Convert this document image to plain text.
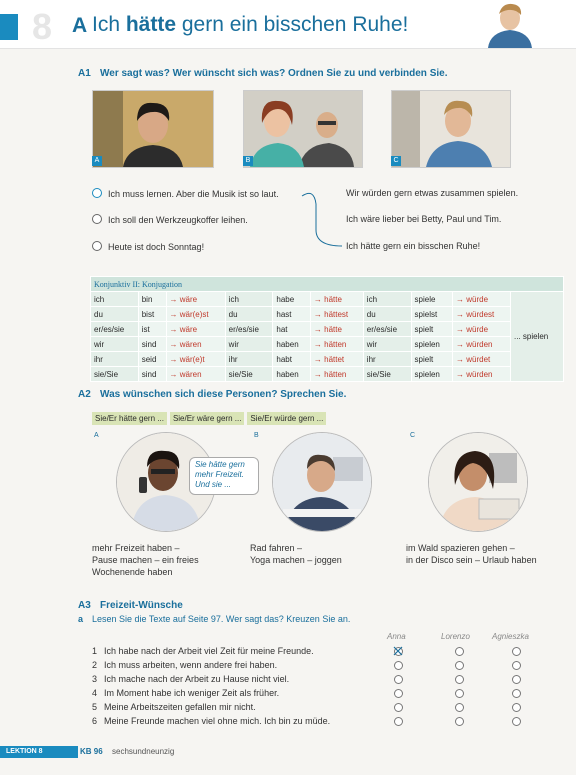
8 A Ich hätte gern ein bisschen Ruhe!
A1 Wer sagt was? Wer wünscht sich was? Ordnen Sie zu und verbinden Sie.
A	B	C
Ich muss lernen. Aber die Musik ist so laut.
Ich soll den Werkzeugkoffer leihen.
Heute ist doch Sonntag!
Wir würden gern etwas zusammen spielen.
Ich wäre lieber bei Betty, Paul und Tim.
Ich hätte gern ein bisschen Ruhe!
Konjunktiv II: Konjugation									
ich	bin	→ wäre	ich	habe	→ hätte	ich	spiele	→ würde	... spielen
du	bist	→ wär(e)st	du	hast	→ hättest	du	spielst	→ würdest	
er/es/sie	ist	→ wäre	er/es/sie	hat	→ hätte	er/es/sie	spielt	→ würde	
wir	sind	→ wären	wir	haben	→ hätten	wir	spielen	→ würden	
ihr	seid	→ wär(e)t	ihr	habt	→ hättet	ihr	spielt	→ würdet	
sie/Sie	sind	→ wären	sie/Sie	haben	→ hätten	sie/Sie	spielen	→ würden	
A2 Was wünschen sich diese Personen? Sprechen Sie.
Sie/Er hätte gern ... Sie/Er wäre gern ... Sie/Er würde gern ...
A	B	C
Sie hätte gern
mehr Freizeit.
Und sie ...
mehr Freizeit haben –
Pause machen – ein freies
Wochenende haben
Rad fahren –
Yoga machen – joggen
im Wald spazieren gehen –
in der Disco sein – Urlaub haben
A3 Freizeit-Wünsche
a Lesen Sie die Texte auf Seite 97. Wer sagt das? Kreuzen Sie an.
Anna	Lorenzo	Agnieszka
1 Ich habe nach der Arbeit viel Zeit für meine Freunde.
2 Ich muss arbeiten, wenn andere frei haben.
3 Ich mache nach der Arbeit zu Hause nicht viel.
4 Im Moment habe ich weniger Zeit als früher.
5 Meine Arbeitszeiten gefallen mir nicht.
6 Meine Freunde machen viel ohne mich. Ich bin zu müde.
LEKTION 8	KB 96 sechsundneunzig
